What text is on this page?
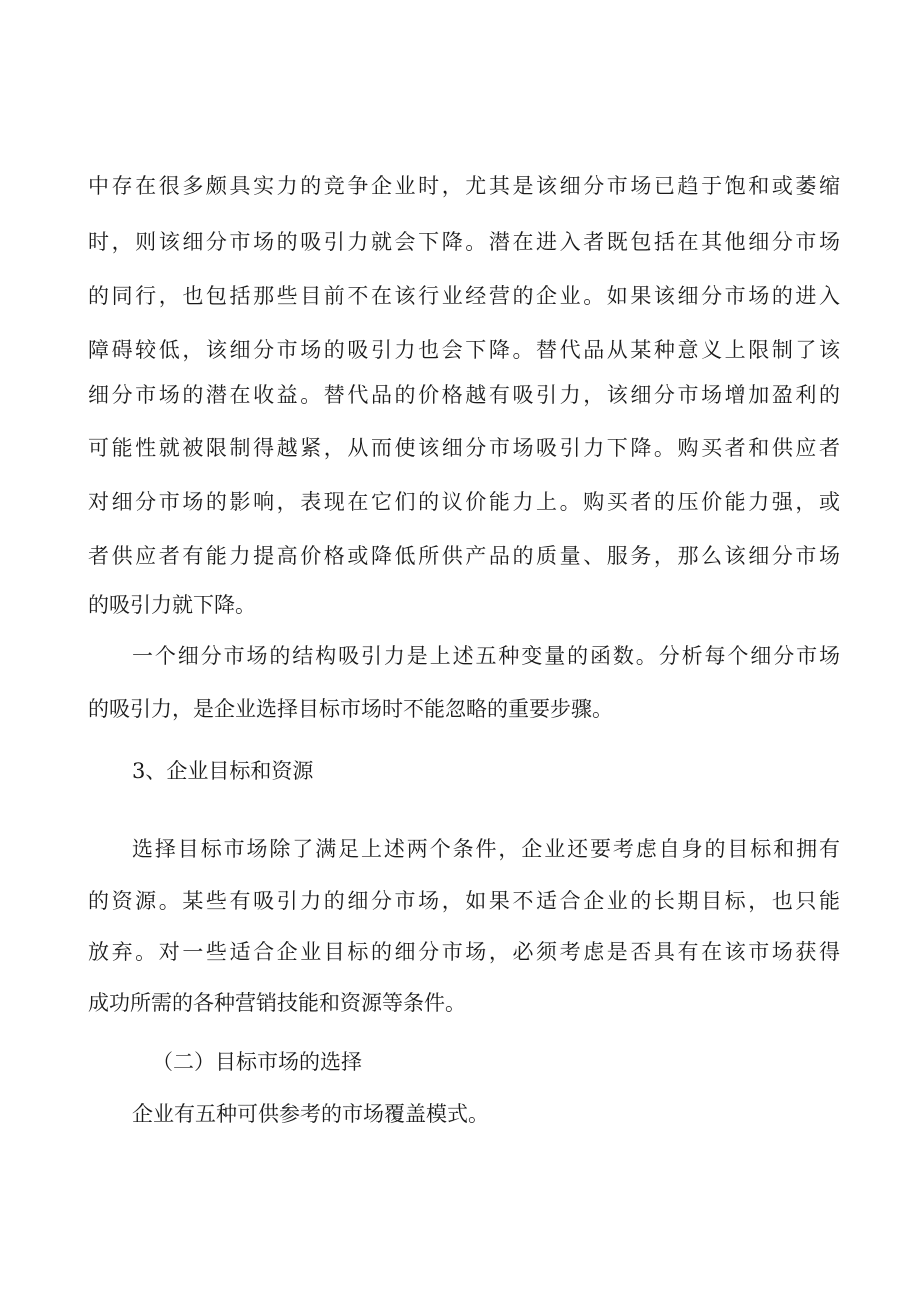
中存在很多颇具实力的竞争企业时，尤其是该细分市场已趋于饱和或萎缩
时，则该细分市场的吸引力就会下降。潜在进入者既包括在其他细分市场
的同行，也包括那些目前不在该行业经营的企业。如果该细分市场的进入
障碍较低，该细分市场的吸引力也会下降。替代品从某种意义上限制了该
细分市场的潜在收益。替代品的价格越有吸引力，该细分市场增加盈利的
可能性就被限制得越紧，从而使该细分市场吸引力下降。购买者和供应者
对细分市场的影响，表现在它们的议价能力上。购买者的压价能力强，或
者供应者有能力提高价格或降低所供产品的质量、服务，那么该细分市场
的吸引力就下降。
一个细分市场的结构吸引力是上述五种变量的函数。分析每个细分市场
的吸引力，是企业选择目标市场时不能忽略的重要步骤。
3、企业目标和资源
选择目标市场除了满足上述两个条件，企业还要考虑自身的目标和拥有
的资源。某些有吸引力的细分市场，如果不适合企业的长期目标，也只能
放弃。对一些适合企业目标的细分市场，必须考虑是否具有在该市场获得
成功所需的各种营销技能和资源等条件。
（二）目标市场的选择
企业有五种可供参考的市场覆盖模式。
